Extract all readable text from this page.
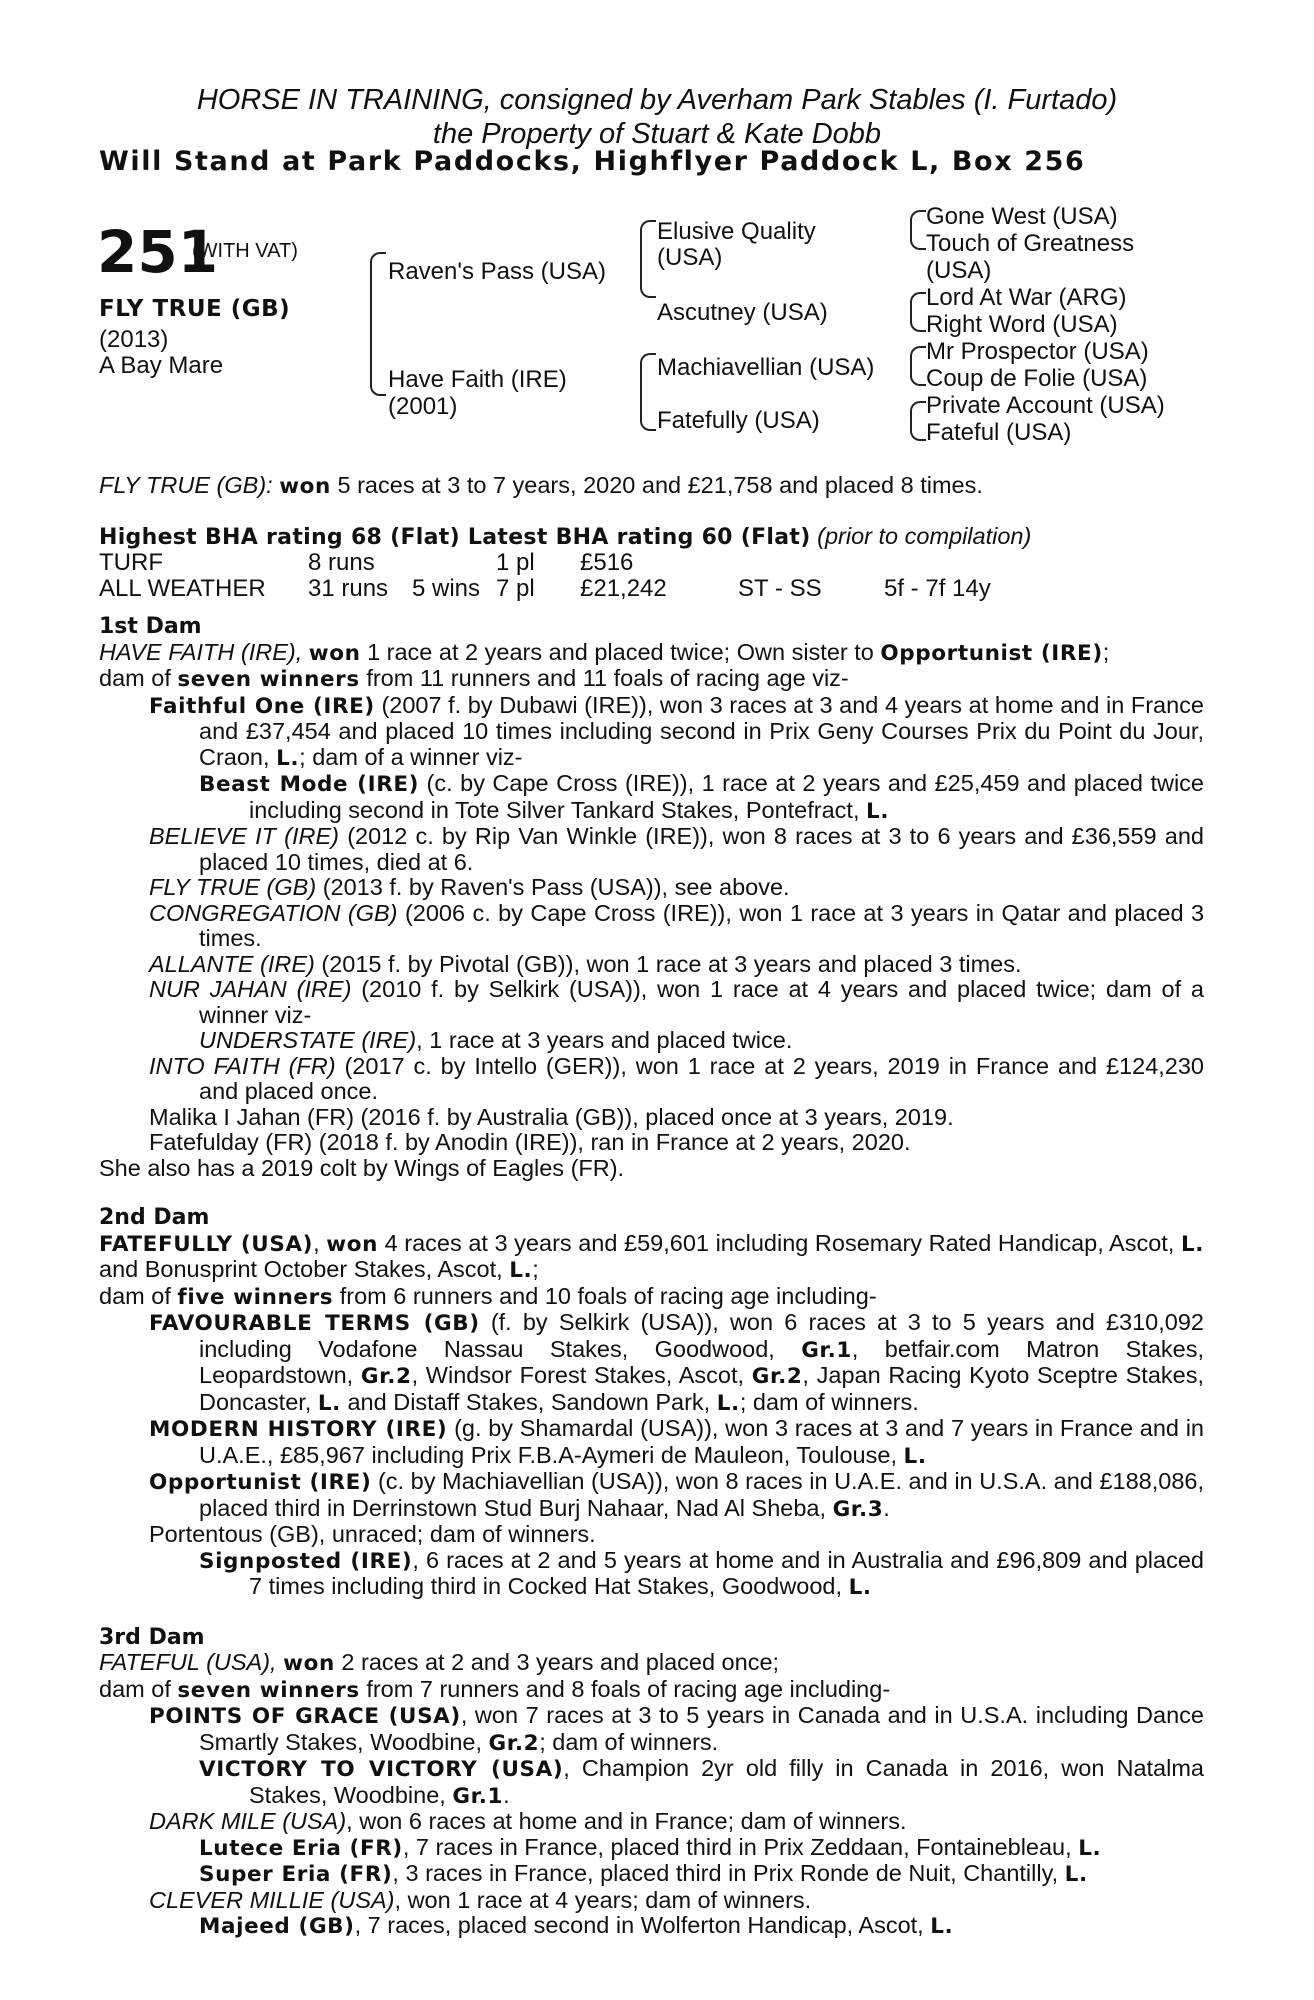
HORSE IN TRAINING, consigned by Averham Park Stables (I. Furtado)
the Property of Stuart & Kate Dobb
Will Stand at Park Paddocks, Highflyer Paddock L, Box 256
251
(WITH VAT)
FLY TRUE (GB)
(2013)
A Bay Mare
Raven's Pass (USA)
Have Faith (IRE)
(2001)
Elusive Quality
(USA)
Ascutney (USA)
Machiavellian (USA)
Fatefully (USA)
Gone West (USA)
Touch of Greatness
(USA)
Lord At War (ARG)
Right Word (USA)
Mr Prospector (USA)
Coup de Folie (USA)
Private Account (USA)
Fateful (USA)
FLY TRUE (GB): won 5 races at 3 to 7 years, 2020 and £21,758 and placed 8 times.
Highest BHA rating 68 (Flat) Latest BHA rating 60 (Flat) (prior to compilation)
TURF	8 runs	1 pl £516
ALL WEATHER 31 runs 5 wins 7 pl £21,242	ST - SS	5f - 7f 14y
1st Dam
HAVE FAITH (IRE), won 1 race at 2 years and placed twice; Own sister to Opportunist (IRE);
dam of seven winners from 11 runners and 11 foals of racing age viz-
Faithful One (IRE) (2007 f. by Dubawi (IRE)), won 3 races at 3 and 4 years at home and in France and £37,454 and placed 10 times including second in Prix Geny Courses Prix du Point du Jour, Craon, L.; dam of a winner viz-
Beast Mode (IRE) (c. by Cape Cross (IRE)), 1 race at 2 years and £25,459 and placed twice including second in Tote Silver Tankard Stakes, Pontefract, L.
BELIEVE IT (IRE) (2012 c. by Rip Van Winkle (IRE)), won 8 races at 3 to 6 years and £36,559 and placed 10 times, died at 6.
FLY TRUE (GB) (2013 f. by Raven's Pass (USA)), see above.
CONGREGATION (GB) (2006 c. by Cape Cross (IRE)), won 1 race at 3 years in Qatar and placed 3 times.
ALLANTE (IRE) (2015 f. by Pivotal (GB)), won 1 race at 3 years and placed 3 times.
NUR JAHAN (IRE) (2010 f. by Selkirk (USA)), won 1 race at 4 years and placed twice; dam of a winner viz-
UNDERSTATE (IRE), 1 race at 3 years and placed twice.
INTO FAITH (FR) (2017 c. by Intello (GER)), won 1 race at 2 years, 2019 in France and £124,230 and placed once.
Malika I Jahan (FR) (2016 f. by Australia (GB)), placed once at 3 years, 2019.
Fatefulday (FR) (2018 f. by Anodin (IRE)), ran in France at 2 years, 2020.
She also has a 2019 colt by Wings of Eagles (FR).
2nd Dam
FATEFULLY (USA), won 4 races at 3 years and £59,601 including Rosemary Rated Handicap, Ascot, L. and Bonusprint October Stakes, Ascot, L.;
dam of five winners from 6 runners and 10 foals of racing age including-
FAVOURABLE TERMS (GB) (f. by Selkirk (USA)), won 6 races at 3 to 5 years and £310,092 including Vodafone Nassau Stakes, Goodwood, Gr.1, betfair.com Matron Stakes, Leopardstown, Gr.2, Windsor Forest Stakes, Ascot, Gr.2, Japan Racing Kyoto Sceptre Stakes, Doncaster, L. and Distaff Stakes, Sandown Park, L.; dam of winners.
MODERN HISTORY (IRE) (g. by Shamardal (USA)), won 3 races at 3 and 7 years in France and in U.A.E., £85,967 including Prix F.B.A-Aymeri de Mauleon, Toulouse, L.
Opportunist (IRE) (c. by Machiavellian (USA)), won 8 races in U.A.E. and in U.S.A. and £188,086, placed third in Derrinstown Stud Burj Nahaar, Nad Al Sheba, Gr.3.
Portentous (GB), unraced; dam of winners.
Signposted (IRE), 6 races at 2 and 5 years at home and in Australia and £96,809 and placed 7 times including third in Cocked Hat Stakes, Goodwood, L.
3rd Dam
FATEFUL (USA), won 2 races at 2 and 3 years and placed once;
dam of seven winners from 7 runners and 8 foals of racing age including-
POINTS OF GRACE (USA), won 7 races at 3 to 5 years in Canada and in U.S.A. including Dance Smartly Stakes, Woodbine, Gr.2; dam of winners.
VICTORY TO VICTORY (USA), Champion 2yr old filly in Canada in 2016, won Natalma Stakes, Woodbine, Gr.1.
DARK MILE (USA), won 6 races at home and in France; dam of winners.
Lutece Eria (FR), 7 races in France, placed third in Prix Zeddaan, Fontainebleau, L.
Super Eria (FR), 3 races in France, placed third in Prix Ronde de Nuit, Chantilly, L.
CLEVER MILLIE (USA), won 1 race at 4 years; dam of winners.
Majeed (GB), 7 races, placed second in Wolferton Handicap, Ascot, L.
